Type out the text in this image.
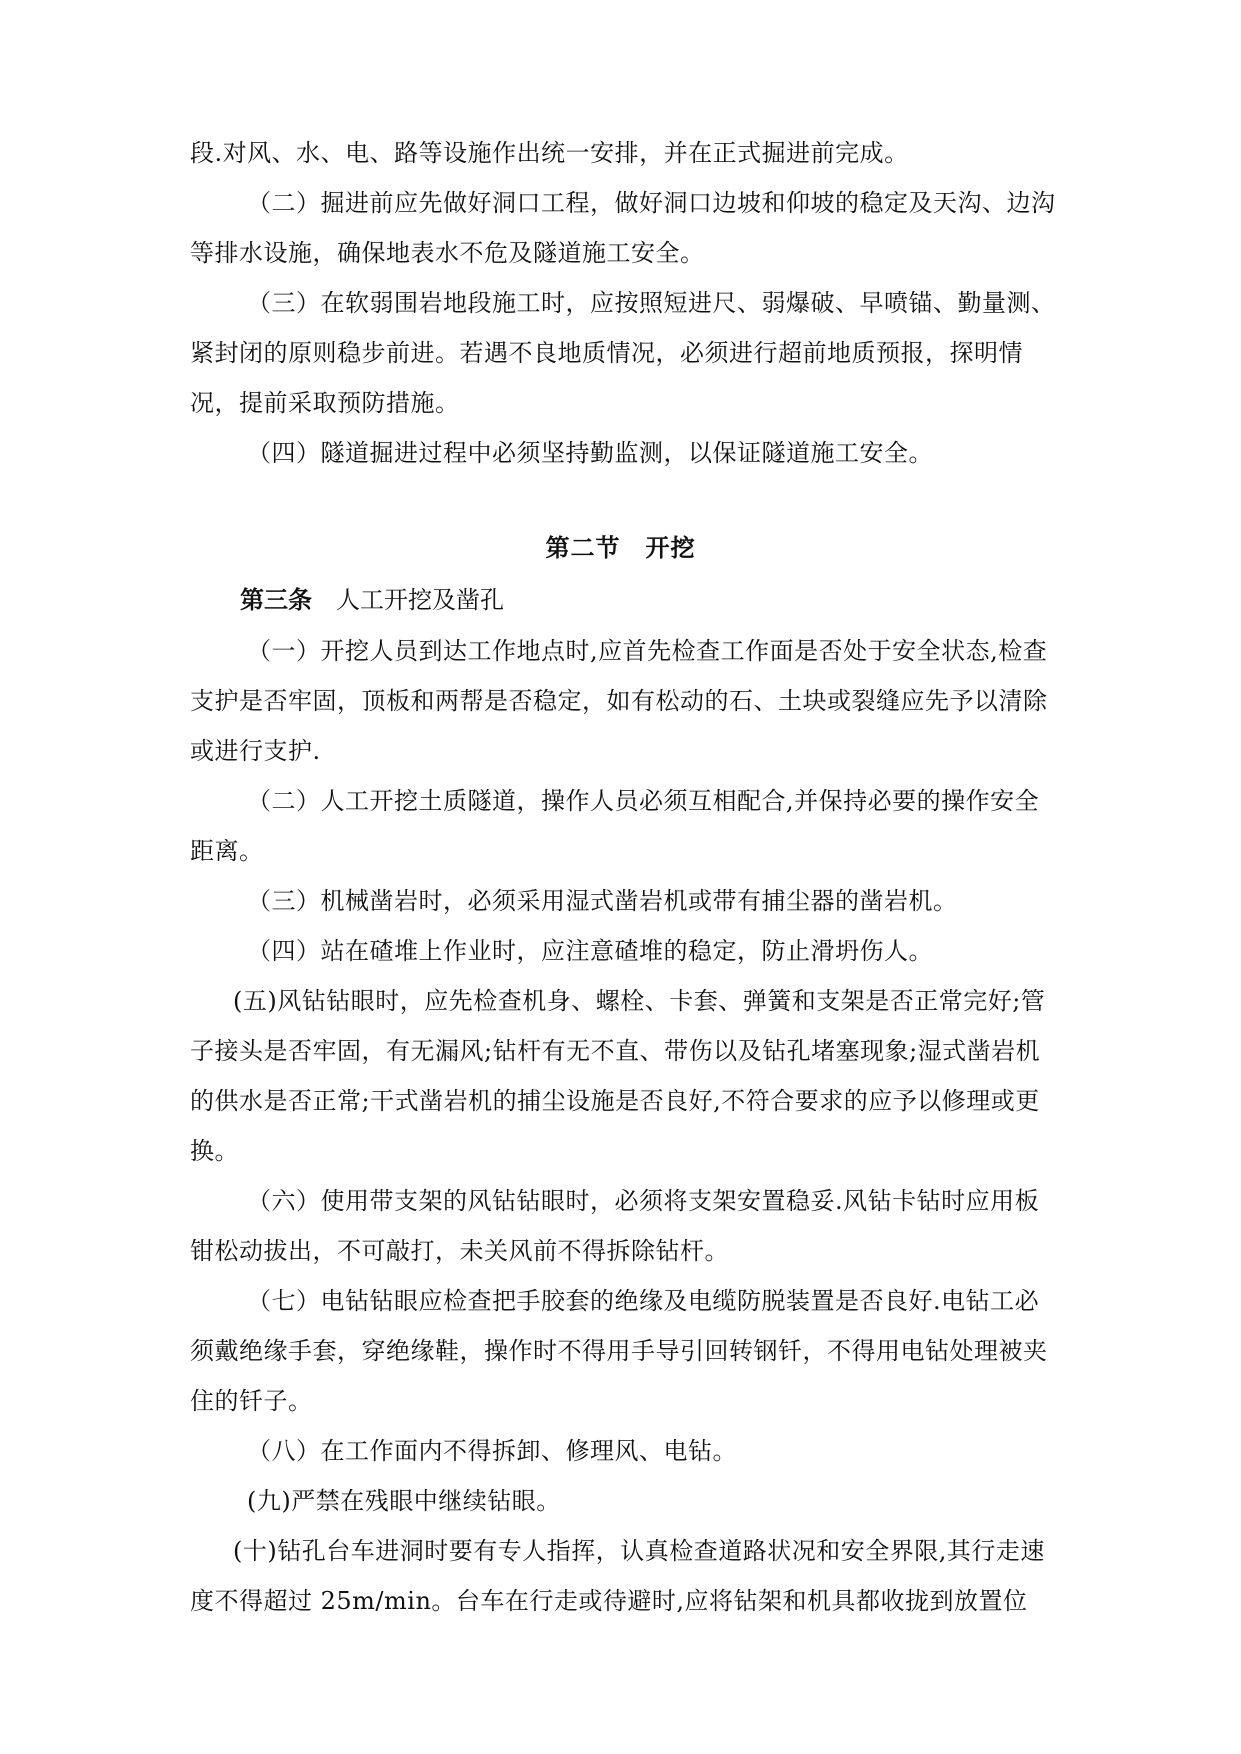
段.对风、水、电、路等设施作出统一安排，并在正式掘进前完成。

（二）掘进前应先做好洞口工程，做好洞口边坡和仰坡的稳定及天沟、边沟等排水设施，确保地表水不危及隧道施工安全。

（三）在软弱围岩地段施工时，应按照短进尺、弱爆破、早喷锚、勤量测、紧封闭的原则稳步前进。若遇不良地质情况，必须进行超前地质预报，探明情况，提前采取预防措施。

（四）隧道掘进过程中必须坚持勤监测，以保证隧道施工安全。

第二节　开挖
第三条 人工开挖及凿孔

（一）开挖人员到达工作地点时,应首先检查工作面是否处于安全状态,检查支护是否牢固，顶板和两帮是否稳定，如有松动的石、土块或裂缝应先予以清除或进行支护.

（二）人工开挖土质隧道，操作人员必须互相配合,并保持必要的操作安全距离。

（三）机械凿岩时，必须采用湿式凿岩机或带有捕尘器的凿岩机。

（四）站在碴堆上作业时，应注意碴堆的稳定，防止滑坍伤人。

(五)风钻钻眼时，应先检查机身、螺栓、卡套、弹簧和支架是否正常完好;管子接头是否牢固，有无漏风;钻杆有无不直、带伤以及钻孔堵塞现象;湿式凿岩机的供水是否正常;干式凿岩机的捕尘设施是否良好,不符合要求的应予以修理或更换。

（六）使用带支架的风钻钻眼时，必须将支架安置稳妥.风钻卡钻时应用板钳松动拔出，不可敲打，未关风前不得拆除钻杆。

（七）电钻钻眼应检查把手胶套的绝缘及电缆防脱装置是否良好.电钻工必须戴绝缘手套，穿绝缘鞋，操作时不得用手导引回转钢钎，不得用电钻处理被夹住的钎子。

（八）在工作面内不得拆卸、修理风、电钻。

(九)严禁在残眼中继续钻眼。

(十)钻孔台车进洞时要有专人指挥，认真检查道路状况和安全界限,其行走速度不得超过 25m/min。台车在行走或待避时,应将钻架和机具都收拢到放置位
